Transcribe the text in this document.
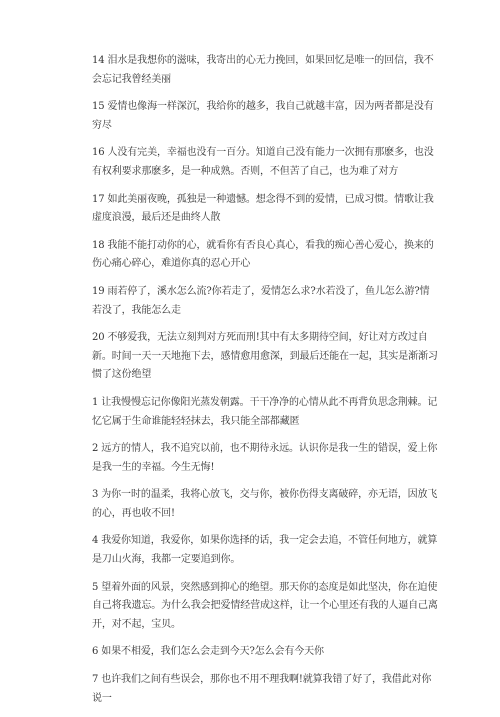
14 泪水是我想你的滋味，我寄出的心无力挽回，如果回忆是唯一的回信，我不会忘记我曾经美丽

15 爱情也像海一样深沉，我给你的越多，我自己就越丰富，因为两者都是没有穷尽

16 人没有完美，幸福也没有一百分。知道自己没有能力一次拥有那麽多，也没有权利要求那麽多，是一种成熟。否则，不但苦了自己，也为难了对方

17 如此美丽夜晚，孤独是一种遗憾。想念得不到的爱情，已成习惯。情歌让我虚度浪漫，最后还是曲终人散

18 我能不能打动你的心，就看你有否良心真心，看我的痴心善心爱心，换来的伤心痛心碎心，难道你真的忍心开心

19 雨若停了，溪水怎么流?你若走了，爱情怎么求?水若没了，鱼儿怎么游?情若没了，我能怎么走

20 不够爱我，无法立刻判对方死而刑!其中有太多期待空间，好让对方改过自新。时间一天一天地拖下去，感情愈用愈深，到最后还能在一起，其实是渐渐习惯了这份绝望

1 让我慢慢忘记你像阳光蒸发朝露。干干净净的心情从此不再背负思念荆棘。记忆它属于生命谁能轻轻抹去，我只能全部都藏匿

2 远方的情人，我不追究以前，也不期待永远。认识你是我一生的错误，爱上你是我一生的幸福。今生无悔!

3 为你一时的温柔，我将心放飞，交与你，被你伤得支离破碎，亦无语，因放飞的心，再也收不回!

4 我爱你知道，我爱你，如果你选择的话，我一定会去追，不管任何地方，就算是刀山火海，我都一定要追到你。

5 望着外面的风景，突然感到抑心的绝望。那天你的态度是如此坚决，你在迫使自己将我遗忘。为什么我会把爱情经营成这样，让一个心里还有我的人逼自己离开，对不起，宝贝。

6 如果不相爱，我们怎么会走到今天?怎么会有今天你

7 也许我们之间有些误会，那你也不用不理我啊!就算我错了好了，我借此对你说一
